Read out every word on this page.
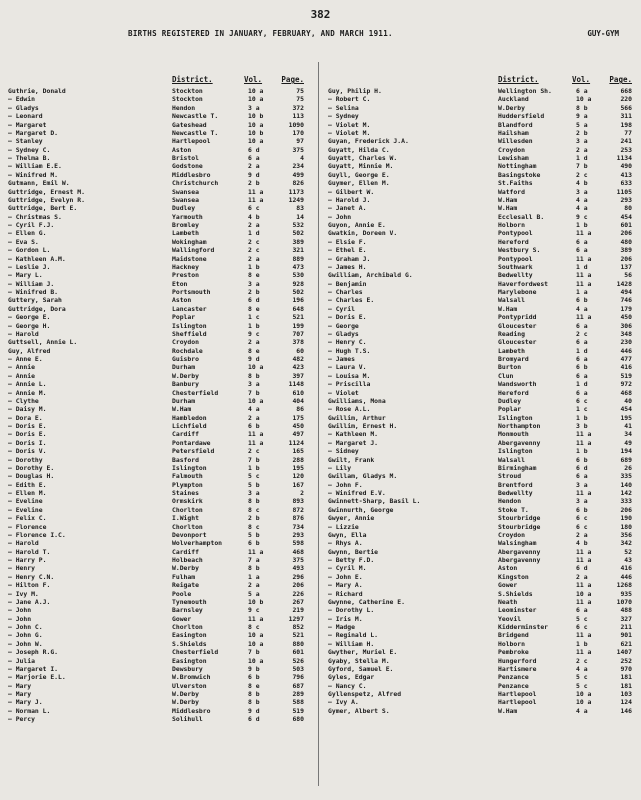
382
BIRTHS REGISTERED IN JANUARY, FEBRUARY, AND MARCH 1911.	GUY-GYM
District.	Vol.	Page.
Guthrie, Donald	Stockton	10 a	75
— Edwin	Stockton	10 a	75
— Gladys	Hendon	3 a	372
— Leonard	Newcastle T.	10 b	113
— Margaret	Gateshead	10 a	1090
— Margaret D.	Newcastle T.	10 b	170
— Stanley	Hartlepool	10 a	97
— Sydney C.	Aston	6 d	375
— Thelma B.	Bristol	6 a	4
— William E.E.	Godstone	2 a	234
— Winifred M.	Middlesbro	9 d	499
Gutmann, Emil W.	Christchurch	2 b	826
Guttridge, Ernest M.	Swansea	11 a	1173
Guttridge, Evelyn R.	Swansea	11 a	1249
Guttridge, Bert E.	Dudley	6 c	83
— Christmas S.	Yarmouth	4 b	14
— Cyril F.J.	Bromley	2 a	532
— Ellen G.	Lambeth	1 d	502
— Eva S.	Wokingham	2 c	389
— Gordon L.	Wallingford	2 c	321
— Kathleen A.M.	Maidstone	2 a	889
— Leslie J.	Hackney	1 b	473
— Mary L.	Preston	8 e	530
— William J.	Eton	3 a	928
— Winifred B.	Portsmouth	2 b	502
Guttery, Sarah	Aston	6 d	196
Guttridge, Dora	Lancaster	8 e	648
— George E.	Poplar	1 c	521
— George H.	Islington	1 b	199
— Harold	Sheffield	9 c	707
Guttsell, Annie L.	Croydon	2 a	378
Guy, Alfred	Rochdale	8 e	60
— Anne E.	Guisbro	9 d	482
— Annie	Durham	10 a	423
— Annie	W.Derby	8 b	397
— Annie L.	Banbury	3 a	1148
— Annie M.	Chesterfield	7 b	610
— Clythe	Durham	10 a	404
— Daisy M.	W.Ham	4 a	86
— Dora E.	Hambledon	2 a	175
— Doris E.	Lichfield	6 b	450
— Doris E.	Cardiff	11 a	497
— Doris I.	Pontardawe	11 a	1124
— Doris V.	Petersfield	2 c	165
— Dorothy	Basford	7 b	288
— Dorothy E.	Islington	1 b	195
— Douglas H.	Falmouth	5 c	120
— Edith E.	Plympton	5 b	167
— Ellen M.	Staines	3 a	2
— Eveline	Ormskirk	8 b	893
— Eveline	Chorlton	8 c	872
— Felix C.	I.Wight	2 b	876
— Florence	Chorlton	8 c	734
— Florence I.C.	Devonport	5 b	293
— Harold	Wolverhampton	6 b	598
— Harold T.	Cardiff	11 a	468
— Harry P.	Holbeach	7 a	375
— Henry	W.Derby	8 b	493
— Henry C.N.	Fulham	1 a	296
— Hilton F.	Reigate	2 a	206
— Ivy M.	Poole	5 a	226
— Jane A.J.	Tynemouth	10 b	267
— John	Barnsley	9 c	219
— John	Gower	11 a	1297
— John C.	Chorlton	8 c	852
— John G.	Easington	10 a	521
— John W.	S.Shields	10 a	880
— Joseph R.G.	Chesterfield	7 b	601
— Julia	Easington	10 a	526
— Margaret I.	Dewsbury	9 b	503
— Marjorie E.L.	W.Bromwich	6 b	796
— Mary	Ulverston	8 e	687
— Mary	W.Derby	8 b	289
— Mary J.	W.Derby	8 b	588
— Norman L.	Middlesbro	9 d	519
— Percy	Solihull	6 d	680
District.	Vol.	Page.
Guy, Philip H.	Wellington Sh.	6 a	668
— Robert C.	Auckland	10 a	220
— Selina	W.Derby	8 b	566
— Sydney	Huddersfield	9 a	311
— Violet M.	Blandford	5 a	198
— Violet M.	Hailsham	2 b	77
Guyan, Frederick J.A.	Willesden	3 a	241
Guyatt, Hilda C.	Croydon	2 a	253
Guyatt, Charles W.	Lewisham	1 d	1134
Guyatt, Minnie M.	Nottingham	7 b	490
Guyll, George E.	Basingstoke	2 c	413
Guymer, Ellen M.	St.Faiths	4 b	633
— Gilbert W.	Watford	3 a	1105
— Harold J.	W.Ham	4 a	293
— Janet A.	W.Ham	4 a	80
— John	Ecclesall B.	9 c	454
Guyon, Annie E.	Holborn	1 b	601
Gwatkin, Doreen V.	Pontypool	11 a	206
— Elsie F.	Hereford	6 a	480
— Ethel E.	Westbury S.	6 a	389
— Graham J.	Pontypool	11 a	206
— James H.	Southwark	1 d	137
Gwilliam, Archibald G.	Bedwellty	11 a	56
— Benjamin	Haverfordwest	11 a	1428
— Charles	Marylebone	1 a	494
— Charles E.	Walsall	6 b	746
— Cyril	W.Ham	4 a	179
— Doris E.	Pontypridd	11 a	450
— George	Gloucester	6 a	306
— Gladys	Reading	2 c	348
— Henry C.	Gloucester	6 a	230
— Hugh T.S.	Lambeth	1 d	446
— James	Bromyard	6 a	477
— Laura V.	Burton	6 b	416
— Louisa M.	Clun	6 a	519
— Priscilla	Wandsworth	1 d	972
— Violet	Hereford	6 a	468
Gwilliams, Mona	Dudley	6 c	40
— Rose A.L.	Poplar	1 c	454
Gwillim, Arthur	Islington	1 b	195
Gwillim, Ernest H.	Northampton	3 b	41
— Kathleen M.	Monmouth	11 a	34
— Margaret J.	Abergavenny	11 a	49
— Sidney	Islington	1 b	194
Gwilt, Frank	Walsall	6 b	689
— Lily	Birmingham	6 d	26
Gwillam, Gladys M.	Stroud	6 a	335
— John F.	Brentford	3 a	140
— Winifred E.V.	Bedwellty	11 a	142
Gwinnett-Sharp, Basil L.	Hendon	3 a	333
Gwinnurth, George	Stoke T.	6 b	206
Gwyer, Annie	Stourbridge	6 c	190
— Lizzie	Stourbridge	6 c	180
Gwyn, Ella	Croydon	2 a	356
— Rhys A.	Walsingham	4 b	342
Gwynn, Bertie	Abergavenny	11 a	52
— Betty F.D.	Abergavenny	11 a	43
— Cyril M.	Aston	6 d	416
— John E.	Kingston	2 a	446
— Mary A.	Gower	11 a	1268
— Richard	S.Shields	10 a	935
Gwynne, Catherine E.	Neath	11 a	1070
— Dorothy L.	Leominster	6 a	488
— Iris M.	Yeovil	5 c	327
— Madge	Kidderminster	6 c	211
— Reginald L.	Bridgend	11 a	901
— William H.	Holborn	1 b	621
Gwyther, Muriel E.	Pembroke	11 a	1407
Gyaby, Stella M.	Hungerford	2 c	252
Gyford, Samuel E.	Hartismere	4 a	970
Gyles, Edgar	Penzance	5 c	181
— Nancy C.	Penzance	5 c	181
Gyllenspetz, Alfred	Hartlepool	10 a	103
— Ivy A.	Hartlepool	10 a	124
Gymer, Albert S.	W.Ham	4 a	146
